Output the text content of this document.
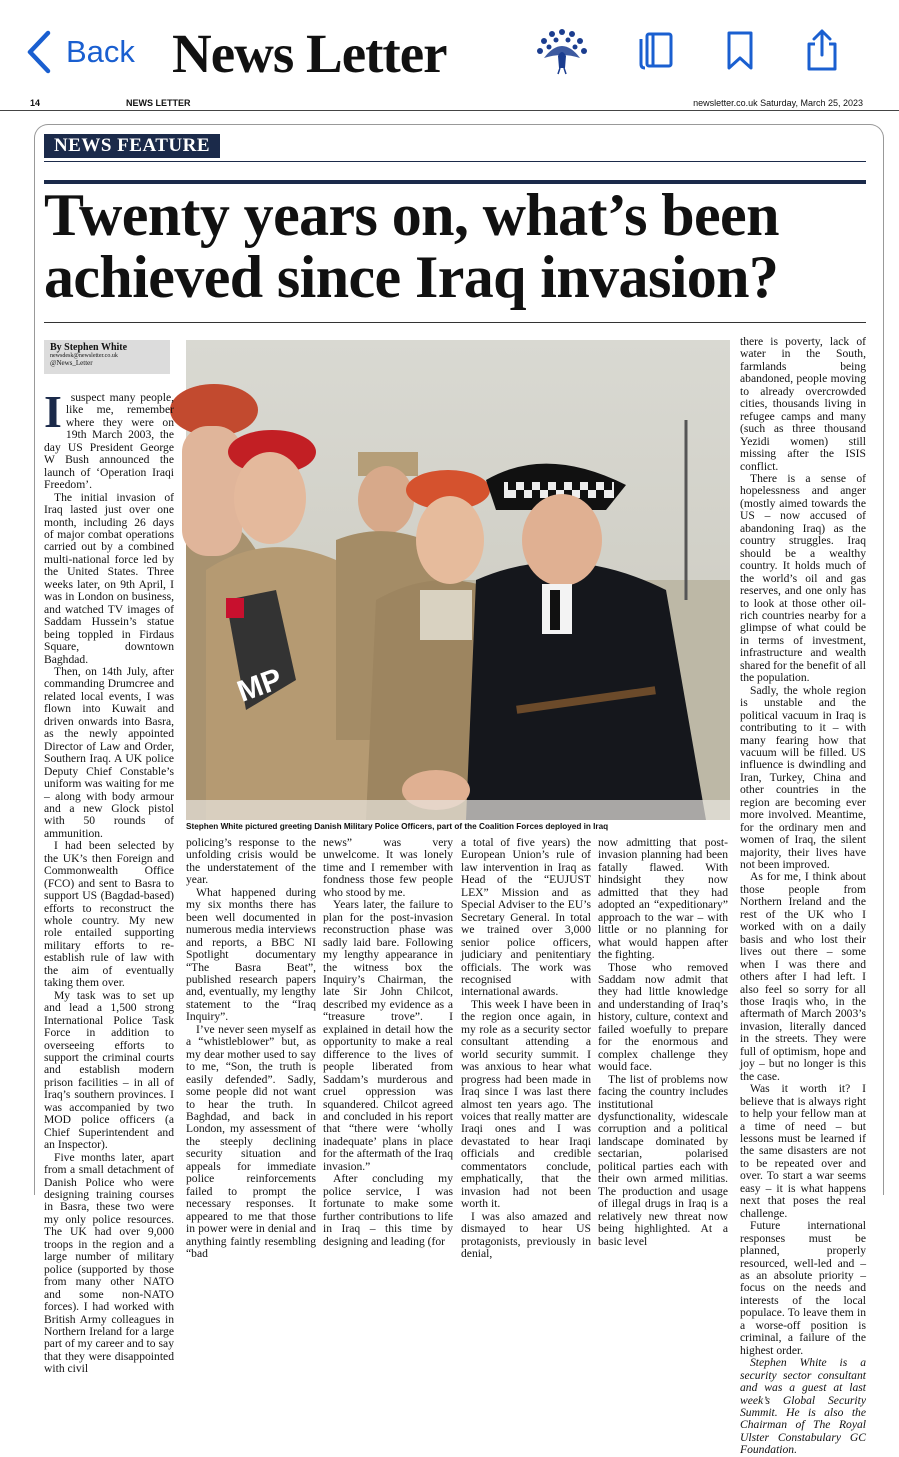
Back News Letter
14	NEWS LETTER	newsletter.co.uk Saturday, March 25, 2023
NEWS FEATURE
Twenty years on, what’s been
achieved since Iraq invasion?
By Stephen White
newsdesk@newsletter.co.uk
@News_Letter
MP
Stephen White pictured greeting Danish Military Police Officers, part of the Coalition Forces deployed in Iraq

I suspect many people, like me, remember where they were on 19th March 2003, the day US President George W Bush announced the launch of ‘Operation Iraqi Freedom’.

The initial invasion of Iraq lasted just over one month, including 26 days of major combat operations carried out by a combined multi-national force led by the United States. Three weeks later, on 9th April, I was in London on business, and watched TV images of Saddam Hussein’s statue being toppled in Firdaus Square, downtown Baghdad.

Then, on 14th July, after commanding Drumcree and related local events, I was flown into Kuwait and driven onwards into Basra, as the newly appointed Director of Law and Order, Southern Iraq. A UK police Deputy Chief Constable’s uniform was waiting for me – along with body armour and a new Glock pistol with 50 rounds of ammunition.

I had been selected by the UK’s then Foreign and Commonwealth Office (FCO) and sent to Basra to support US (Bagdad-based) efforts to reconstruct the whole country. My new role entailed supporting military efforts to re-establish rule of law with the aim of eventually taking them over.

My task was to set up and lead a 1,500 strong International Police Task Force in addition to overseeing efforts to support the criminal courts and establish modern prison facilities – in all of Iraq’s southern provinces. I was accompanied by two MOD police officers (a Chief Superintendent and an Inspector).

Five months later, apart from a small detachment of Danish Police who were designing training courses in Basra, these two were my only police resources. The UK had over 9,000 troops in the region and a large number of military police (supported by those from many other NATO and some non-NATO forces). I had worked with British Army colleagues in Northern Ireland for a large part of my career and to say that they were disappointed with civil

policing’s response to the unfolding crisis would be the understatement of the year.

What happened during my six months there has been well documented in numerous media interviews and reports, a BBC NI Spotlight documentary “The Basra Beat”, published research papers and, eventually, my lengthy statement to the “Iraq Inquiry”.

I’ve never seen myself as a “whistleblower” but, as my dear mother used to say to me, “Son, the truth is easily defended”. Sadly, some people did not want to hear the truth. In Baghdad, and back in London, my assessment of the steeply declining security situation and appeals for immediate police reinforcements failed to prompt the necessary responses. It appeared to me that those in power were in denial and anything faintly resembling “bad

news” was very unwelcome. It was lonely time and I remember with fondness those few people who stood by me.

Years later, the failure to plan for the post-invasion reconstruction phase was sadly laid bare. Following my lengthy appearance in the witness box the Inquiry’s Chairman, the late Sir John Chilcot, described my evidence as a “treasure trove”. I explained in detail how the opportunity to make a real difference to the lives of people liberated from Saddam’s murderous and cruel oppression was squandered. Chilcot agreed and concluded in his report that “there were ‘wholly inadequate’ plans in place for the aftermath of the Iraq invasion.”

After concluding my police service, I was fortunate to make some further contributions to life in Iraq – this time by designing and leading (for

a total of five years) the European Union’s rule of law intervention in Iraq as Head of the “EUJUST LEX” Mission and as Special Adviser to the EU’s Secretary General. In total we trained over 3,000 senior police officers, judiciary and penitentiary officials. The work was recognised with international awards.

This week I have been in the region once again, in my role as a security sector consultant attending a world security summit. I was anxious to hear what progress had been made in Iraq since I was last there almost ten years ago. The voices that really matter are Iraqi ones and I was devastated to hear Iraqi officials and credible commentators conclude, emphatically, that the invasion had not been worth it.

I was also amazed and dismayed to hear US protagonists, previously in denial,

now admitting that post-invasion planning had been fatally flawed. With hindsight they now admitted that they had adopted an “expeditionary” approach to the war – with little or no planning for what would happen after the fighting.

Those who removed Saddam now admit that they had little knowledge and understanding of Iraq’s history, culture, context and failed woefully to prepare for the enormous and complex challenge they would face.

The list of problems now facing the country includes institutional dysfunctionality, widescale corruption and a political landscape dominated by sectarian, polarised political parties each with their own armed militias. The production and usage of illegal drugs in Iraq is a relatively new threat now being highlighted. At a basic level

there is poverty, lack of water in the South, farmlands being abandoned, people moving to already overcrowded cities, thousands living in refugee camps and many (such as three thousand Yezidi women) still missing after the ISIS conflict.

There is a sense of hopelessness and anger (mostly aimed towards the US – now accused of abandoning Iraq) as the country struggles. Iraq should be a wealthy country. It holds much of the world’s oil and gas reserves, and one only has to look at those other oil-rich countries nearby for a glimpse of what could be in terms of investment, infrastructure and wealth shared for the benefit of all the population.

Sadly, the whole region is unstable and the political vacuum in Iraq is contributing to it – with many fearing how that vacuum will be filled. US influence is dwindling and Iran, Turkey, China and other countries in the region are becoming ever more involved. Meantime, for the ordinary men and women of Iraq, the silent majority, their lives have not been improved.

As for me, I think about those people from Northern Ireland and the rest of the UK who I worked with on a daily basis and who lost their lives out there – some when I was there and others after I had left. I also feel so sorry for all those Iraqis who, in the aftermath of March 2003’s invasion, literally danced in the streets. They were full of optimism, hope and joy – but no longer is this the case.

Was it worth it? I believe that is always right to help your fellow man at a time of need – but lessons must be learned if the same disasters are not to be repeated over and over. To start a war seems easy – it is what happens next that poses the real challenge.

Future international responses must be planned, properly resourced, well-led and – as an absolute priority – focus on the needs and interests of the local populace. To leave them in a worse-off position is criminal, a failure of the highest order.

Stephen White is a security sector consultant and was a guest at last week’s Global Security Summit. He is also the Chairman of The Royal Ulster Constabulary GC Foundation.
